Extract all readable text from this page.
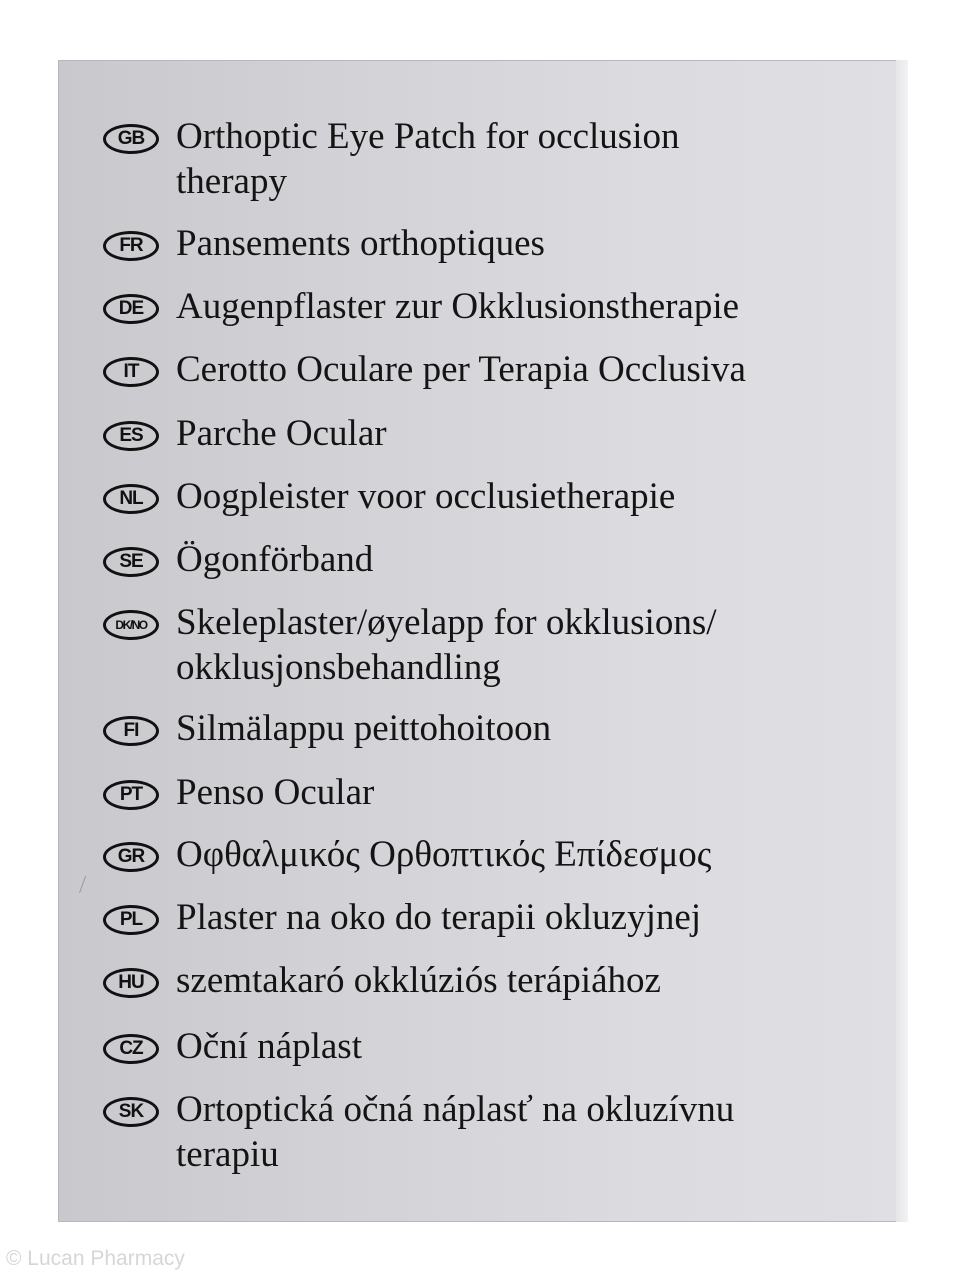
GB Orthoptic Eye Patch for occlusion
therapy
FR Pansements orthoptiques
DE Augenpflaster zur Okklusionstherapie
IT	Cerotto Oculare per Terapia Occlusiva
ES Parche Ocular
NL Oogpleister voor occlusietherapie
SE Ögonförband
DK/NO Skeleplaster/øyelapp for okklusions/
okklusjonsbehandling
FI	Silmälappu peittohoitoon
PT Penso Ocular
GR Οφθαλμικός Ορθοπτικός Επίδεσμος
PL Plaster na oko do terapii okluzyjnej
HU szemtakaró okklúziós terápiához
CZ Oční náplast
SK Ortoptická očná náplasť na okluzívnu
terapiu
© Lucan Pharmacy
